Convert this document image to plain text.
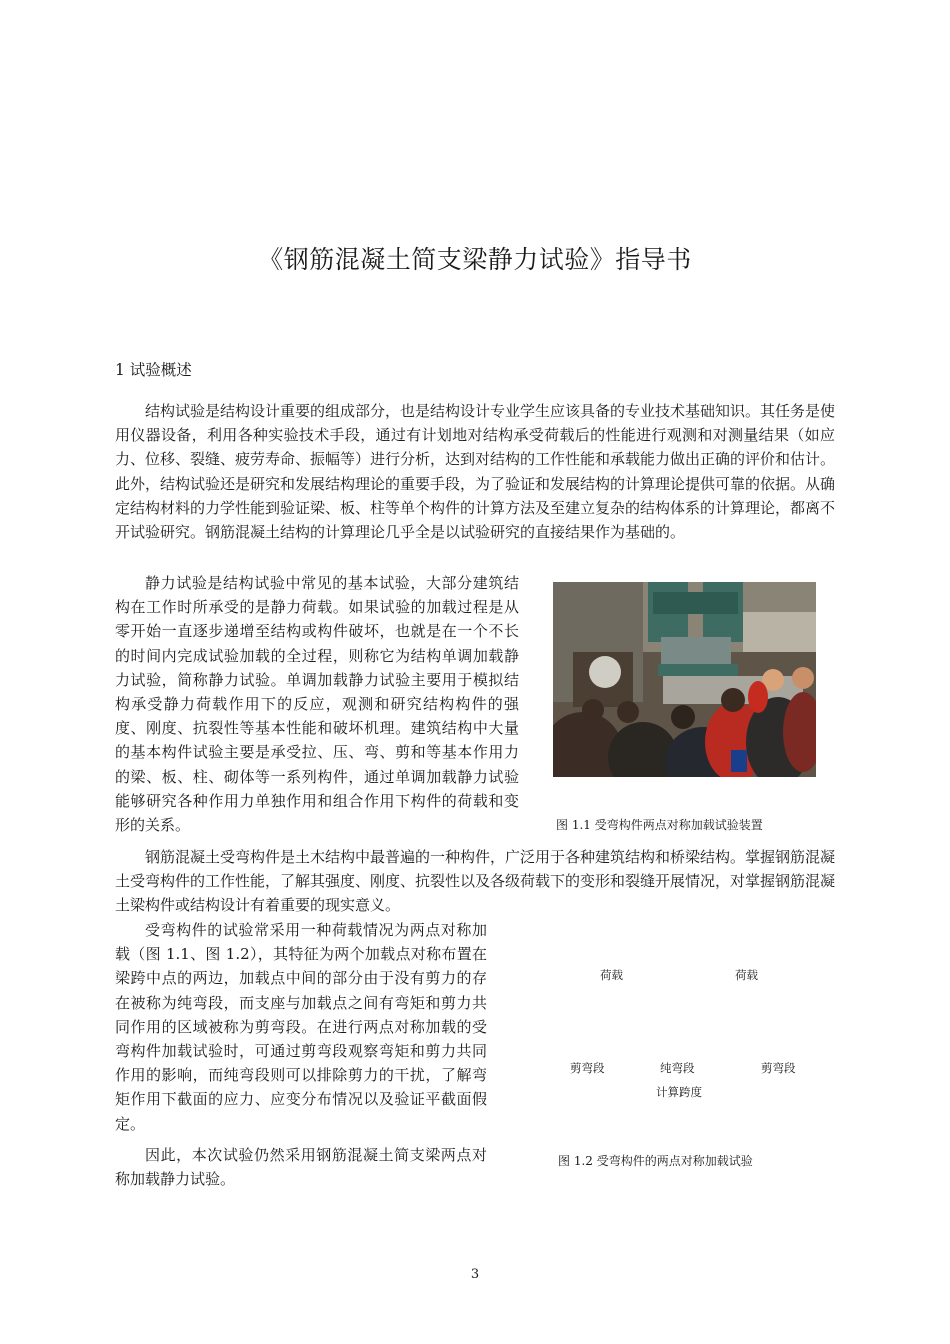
《钢筋混凝土简支梁静力试验》指导书
1 试验概述
结构试验是结构设计重要的组成部分，也是结构设计专业学生应该具备的专业技术基础知识。其任务是使用仪器设备，利用各种实验技术手段，通过有计划地对结构承受荷载后的性能进行观测和对测量结果（如应力、位移、裂缝、疲劳寿命、振幅等）进行分析，达到对结构的工作性能和承载能力做出正确的评价和估计。此外，结构试验还是研究和发展结构理论的重要手段，为了验证和发展结构的计算理论提供可靠的依据。从确定结构材料的力学性能到验证梁、板、柱等单个构件的计算方法及至建立复杂的结构体系的计算理论，都离不开试验研究。钢筋混凝土结构的计算理论几乎全是以试验研究的直接结果作为基础的。
静力试验是结构试验中常见的基本试验，大部分建筑结构在工作时所承受的是静力荷载。如果试验的加载过程是从零开始一直逐步递增至结构或构件破坏，也就是在一个不长的时间内完成试验加载的全过程，则称它为结构单调加载静力试验，简称静力试验。单调加载静力试验主要用于模拟结构承受静力荷载作用下的反应，观测和研究结构构件的强度、刚度、抗裂性等基本性能和破坏机理。建筑结构中大量的基本构件试验主要是承受拉、压、弯、剪和等基本作用力的梁、板、柱、砌体等一系列构件，通过单调加载静力试验能够研究各种作用力单独作用和组合作用下构件的荷载和变形的关系。	图 1.1 受弯构件两点对称加载试验装置
钢筋混凝土受弯构件是土木结构中最普遍的一种构件，广泛用于各种建筑结构和桥梁结构。掌握钢筋混凝土受弯构件的工作性能，了解其强度、刚度、抗裂性以及各级荷载下的变形和裂缝开展情况，对掌握钢筋混凝土梁构件或结构设计有着重要的现实意义。
受弯构件的试验常采用一种荷载情况为两点对称加载（图 1.1、图 1.2），其特征为两个加载点对称布置在梁跨中点的两边，加载点中间的部分由于没有剪力的存在被称为纯弯段，而支座与加载点之间有弯矩和剪力共同作用的区域被称为剪弯段。在进行两点对称加载的受弯构件加载试验时，可通过剪弯段观察弯矩和剪力共同作用的影响，而纯弯段则可以排除剪力的干扰，了解弯矩作用下截面的应力、应变分布情况以及验证平截面假定。
荷载	荷载
剪弯段	纯弯段	剪弯段
计算跨度
图 1.2 受弯构件的两点对称加载试验
因此，本次试验仍然采用钢筋混凝土简支梁两点对称加载静力试验。
3
